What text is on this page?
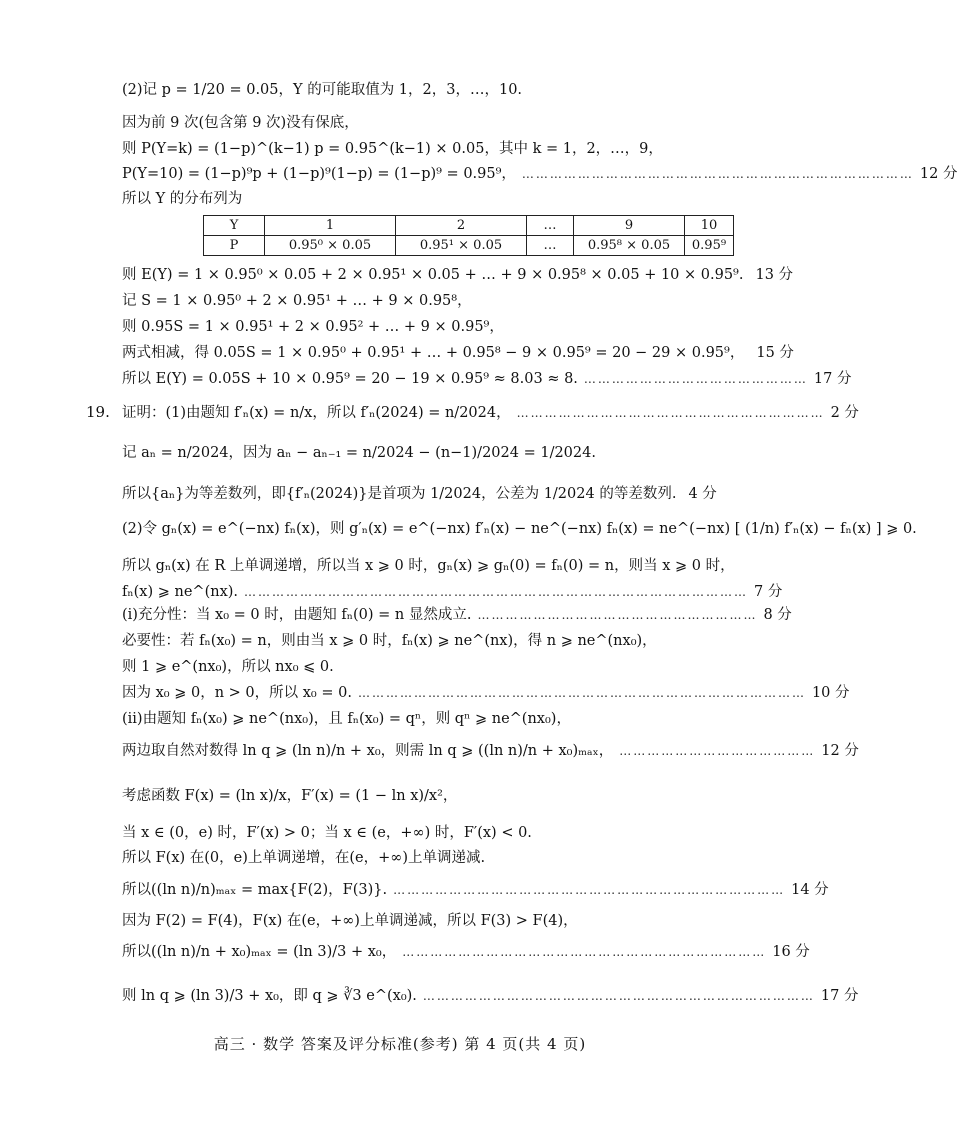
(2)记 p = 1/20 = 0.05，Y 的可能取值为 1，2，3，…，10.
因为前 9 次(包含第 9 次)没有保底，
则 P(Y=k) = (1−p)^(k−1) p = 0.95^(k−1) × 0.05，其中 k = 1，2，…，9，
P(Y=10) = (1−p)⁹p + (1−p)⁹(1−p) = (1−p)⁹ = 0.95⁹， ………………………………………………………………………… 12 分
所以 Y 的分布列为
Y	1	2	…	9	10
P	0.95⁰ × 0.05	0.95¹ × 0.05	…	0.95⁸ × 0.05	0.95⁹
则 E(Y) = 1 × 0.95⁰ × 0.05 + 2 × 0.95¹ × 0.05 + … + 9 × 0.95⁸ × 0.05 + 10 × 0.95⁹. 13 分
记 S = 1 × 0.95⁰ + 2 × 0.95¹ + … + 9 × 0.95⁸，
则 0.95S = 1 × 0.95¹ + 2 × 0.95² + … + 9 × 0.95⁹，
两式相减，得 0.05S = 1 × 0.95⁰ + 0.95¹ + … + 0.95⁸ − 9 × 0.95⁹ = 20 − 29 × 0.95⁹， 15 分
所以 E(Y) = 0.05S + 10 × 0.95⁹ = 20 − 19 × 0.95⁹ ≈ 8.03 ≈ 8. ………………………………………… 17 分
19. 证明：(1)由题知 f′ₙ(x) = n/x，所以 f′ₙ(2024) = n/2024， ………………………………………………………… 2 分
记 aₙ = n/2024，因为 aₙ − aₙ₋₁ = n/2024 − (n−1)/2024 = 1/2024.
所以{aₙ}为等差数列，即{f′ₙ(2024)}是首项为 1/2024，公差为 1/2024 的等差数列. 4 分
(2)令 gₙ(x) = e^(−nx) fₙ(x)，则 g′ₙ(x) = e^(−nx) f′ₙ(x) − ne^(−nx) fₙ(x) = ne^(−nx) [ (1/n) f′ₙ(x) − fₙ(x) ] ⩾ 0.
所以 gₙ(x) 在 R 上单调递增，所以当 x ⩾ 0 时，gₙ(x) ⩾ gₙ(0) = fₙ(0) = n，则当 x ⩾ 0 时，
fₙ(x) ⩾ ne^(nx). ……………………………………………………………………………………………… 7 分
(i)充分性：当 x₀ = 0 时，由题知 fₙ(0) = n 显然成立. …………………………………………………… 8 分
必要性：若 fₙ(x₀) = n，则由当 x ⩾ 0 时，fₙ(x) ⩾ ne^(nx)，得 n ⩾ ne^(nx₀)，
则 1 ⩾ e^(nx₀)，所以 nx₀ ⩽ 0.
因为 x₀ ⩾ 0，n > 0，所以 x₀ = 0. …………………………………………………………………………………… 10 分
(ii)由题知 fₙ(x₀) ⩾ ne^(nx₀)，且 fₙ(x₀) = qⁿ，则 qⁿ ⩾ ne^(nx₀)，
两边取自然对数得 ln q ⩾ (ln n)/n + x₀，则需 ln q ⩾ ((ln n)/n + x₀)ₘₐₓ， …………………………………… 12 分
考虑函数 F(x) = (ln x)/x，F′(x) = (1 − ln x)/x²，
当 x ∈ (0，e) 时，F′(x) > 0；当 x ∈ (e，+∞) 时，F′(x) < 0.
所以 F(x) 在(0，e)上单调递增，在(e，+∞)上单调递减.
所以((ln n)/n)ₘₐₓ = max{F(2)，F(3)}. ………………………………………………………………………… 14 分
因为 F(2) = F(4)，F(x) 在(e，+∞)上单调递减，所以 F(3) > F(4)，
所以((ln n)/n + x₀)ₘₐₓ = (ln 3)/3 + x₀， …………………………………………………………………… 16 分
则 ln q ⩾ (ln 3)/3 + x₀，即 q ⩾ ∛3 e^(x₀). ………………………………………………………………………… 17 分
高三 · 数学 答案及评分标准(参考) 第 4 页(共 4 页)
